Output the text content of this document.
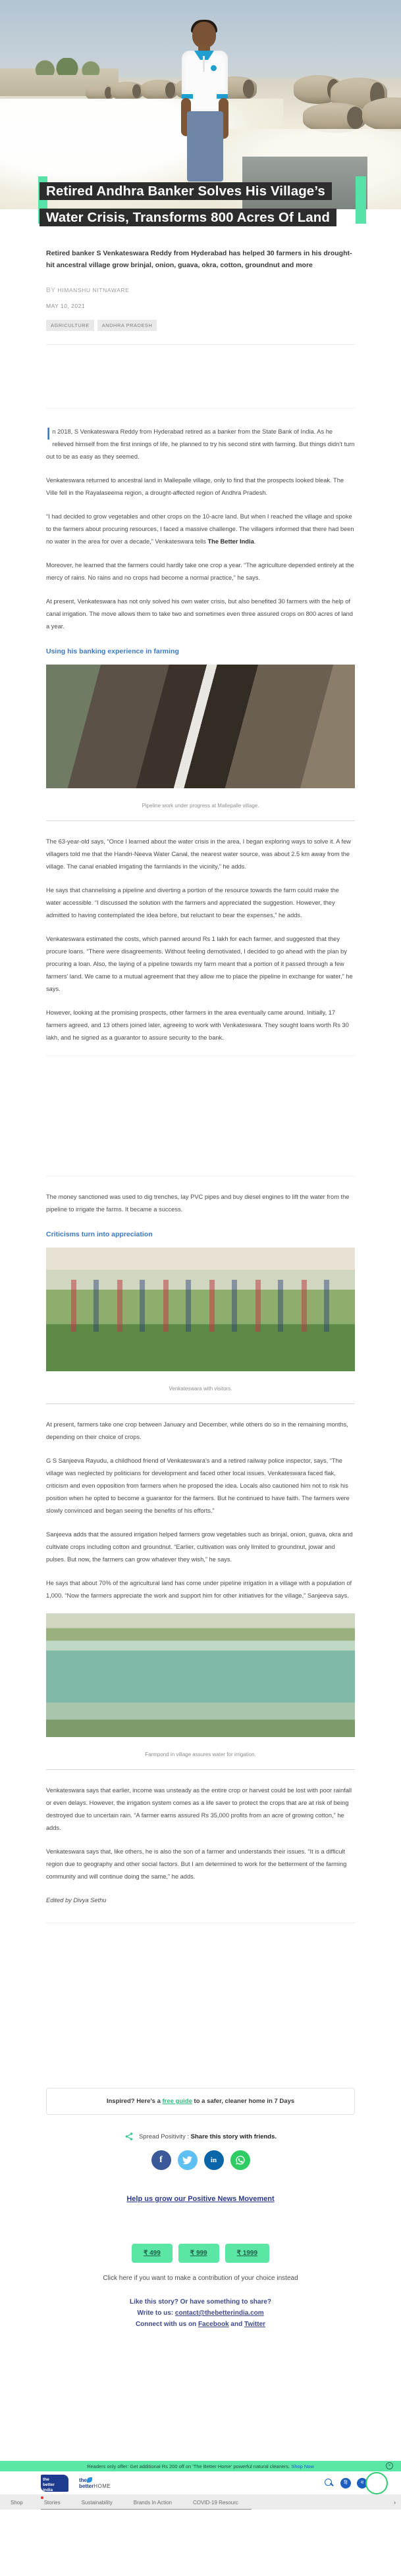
Retired Andhra Banker Solves His Village’s
Water Crisis, Transforms 800 Acres Of Land

Retired banker S Venkateswara Reddy from Hyderabad has helped 30 farmers in his drought-hit ancestral village grow brinjal, onion, guava, okra, cotton, groundnut and more

BY HIMANSHU NITNAWARE
MAY 10, 2021
AGRICULTURE	ANDHRA PRADESH

In 2018, S Venkateswara Reddy from Hyderabad retired as a banker from the State Bank of India. As he relieved himself from the first innings of life, he planned to try his second stint with farming. But things didn’t turn out to be as easy as they seemed.

Venkateswara returned to ancestral land in Mallepalle village, only to find that the prospects looked bleak. The Ville fell in the Rayalaseema region, a drought-affected region of Andhra Pradesh.

“I had decided to grow vegetables and other crops on the 10-acre land. But when I reached the village and spoke to the farmers about procuring resources, I faced a massive challenge. The villagers informed that there had been no water in the area for over a decade,” Venkateswara tells The Better India.

Moreover, he learned that the farmers could hardly take one crop a year. “The agriculture depended entirely at the mercy of rains. No rains and no crops had become a normal practice,” he says.

At present, Venkateswara has not only solved his own water crisis, but also benefited 30 farmers with the help of canal irrigation. The move allows them to take two and sometimes even three assured crops on 800 acres of land a year.

Using his banking experience in farming
Pipeline work under progress at Mallepalle village.

The 63-year-old says, “Once I learned about the water crisis in the area, I began exploring ways to solve it. A few villagers told me that the Handri-Neeva Water Canal, the nearest water source, was about 2.5 km away from the village. The canal enabled irrigating the farmlands in the vicinity,” he adds.

He says that channelising a pipeline and diverting a portion of the resource towards the farm could make the water accessible. “I discussed the solution with the farmers and appreciated the suggestion. However, they admitted to having contemplated the idea before, but reluctant to bear the expenses,” he adds.

Venkateswara estimated the costs, which panned around Rs 1 lakh for each farmer, and suggested that they procure loans. “There were disagreements. Without feeling demotivated, I decided to go ahead with the plan by procuring a loan. Also, the laying of a pipeline towards my farm meant that a portion of it passed through a few farmers’ land. We came to a mutual agreement that they allow me to place the pipeline in exchange for water,” he says.

However, looking at the promising prospects, other farmers in the area eventually came around. Initially, 17 farmers agreed, and 13 others joined later, agreeing to work with Venkateswara. They sought loans worth Rs 30 lakh, and he signed as a guarantor to assure security to the bank.

The money sanctioned was used to dig trenches, lay PVC pipes and buy diesel engines to lift the water from the pipeline to irrigate the farms. It became a success.

Criticisms turn into appreciation
Venkateswara with visitors.

At present, farmers take one crop between January and December, while others do so in the remaining months, depending on their choice of crops.

G S Sanjeeva Rayudu, a childhood friend of Venkateswara’s and a retired railway police inspector, says, “The village was neglected by politicians for development and faced other local issues. Venkateswara faced flak, criticism and even opposition from farmers when he proposed the idea. Locals also cautioned him not to risk his position when he opted to become a guarantor for the farmers. But he continued to have faith. The farmers were slowly convinced and began seeing the benefits of his efforts.”

Sanjeeva adds that the assured irrigation helped farmers grow vegetables such as brinjal, onion, guava, okra and cultivate crops including cotton and groundnut. “Earlier, cultivation was only limited to groundnut, jowar and pulses. But now, the farmers can grow whatever they wish,” he says.

He says that about 70% of the agricultural land has come under pipeline irrigation in a village with a population of 1,000. “Now the farmers appreciate the work and support him for other initiatives for the village,” Sanjeeva says.

Farmpond in village assures water for irrigation.

Venkateswara says that earlier, income was unsteady as the entire crop or harvest could be lost with poor rainfall or even delays. However, the irrigation system comes as a life saver to protect the crops that are at risk of being destroyed due to uncertain rain. “A farmer earns assured Rs 35,000 profits from an acre of growing cotton,” he adds.

Venkateswara says that, like others, he is also the son of a farmer and understands their issues. “It is a difficult region due to geography and other social factors. But I am determined to work for the betterment of the farming community and will continue doing the same,” he adds.

Edited by Divya Sethu
Inspired? Here’s a free guide to a safer, cleaner home in 7 Days
Spread Positivity : Share this story with friends.
f	in
Help us grow our Positive News Movement
₹ 499	₹ 999	₹ 1999
Click here if you want to make a contribution of your choice instead
Like this story? Or have something to share?
Write to us: contact@thebetterindia.com
Connect with us on Facebook and Twitter
Readers only offer: Get additional Rs 200 off on 'The Better Home' powerful natural cleaners. Shop Now	×
the
better
india
the
betterHOME	हि	म
Shop	Stories	Sustainability	Brands In Action	COVID-19 Resourc	›
